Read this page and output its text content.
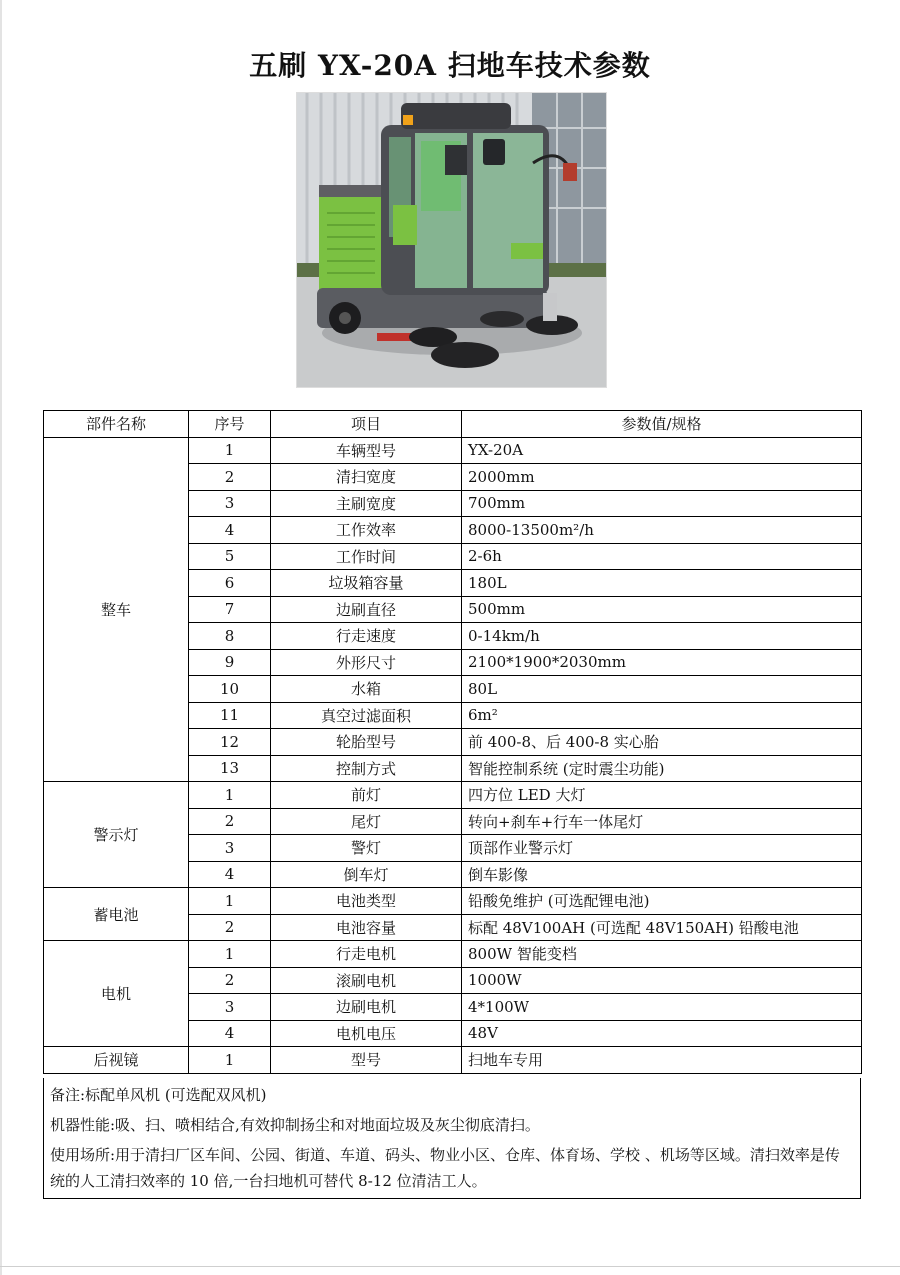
五刷 YX-20A 扫地车技术参数
部件名称	序号	项目	参数值/规格
整车	1	车辆型号	YX-20A
	2	清扫宽度	2000mm
	3	主刷宽度	700mm
	4	工作效率	8000-13500m²/h
	5	工作时间	2-6h
	6	垃圾箱容量	180L
	7	边刷直径	500mm
	8	行走速度	0-14km/h
	9	外形尺寸	2100*1900*2030mm
	10	水箱	80L
	11	真空过滤面积	6m²
	12	轮胎型号	前 400-8、后 400-8 实心胎
	13	控制方式	智能控制系统 (定时震尘功能)
警示灯	1	前灯	四方位 LED 大灯
	2	尾灯	转向+刹车+行车一体尾灯
	3	警灯	顶部作业警示灯
	4	倒车灯	倒车影像
蓄电池	1	电池类型	铅酸免维护 (可选配锂电池)
	2	电池容量	标配 48V100AH (可选配 48V150AH) 铅酸电池
电机	1	行走电机	800W 智能变档
	2	滚刷电机	1000W
	3	边刷电机	4*100W
	4	电机电压	48V
后视镜	1	型号	扫地车专用

备注:标配单风机 (可选配双风机)

机器性能:吸、扫、喷相结合,有效抑制扬尘和对地面垃圾及灰尘彻底清扫。

使用场所:用于清扫厂区车间、公园、街道、车道、码头、物业小区、仓库、体育场、学校 、机场等区域。清扫效率是传统的人工清扫效率的 10 倍,一台扫地机可替代 8-12 位清洁工人。
